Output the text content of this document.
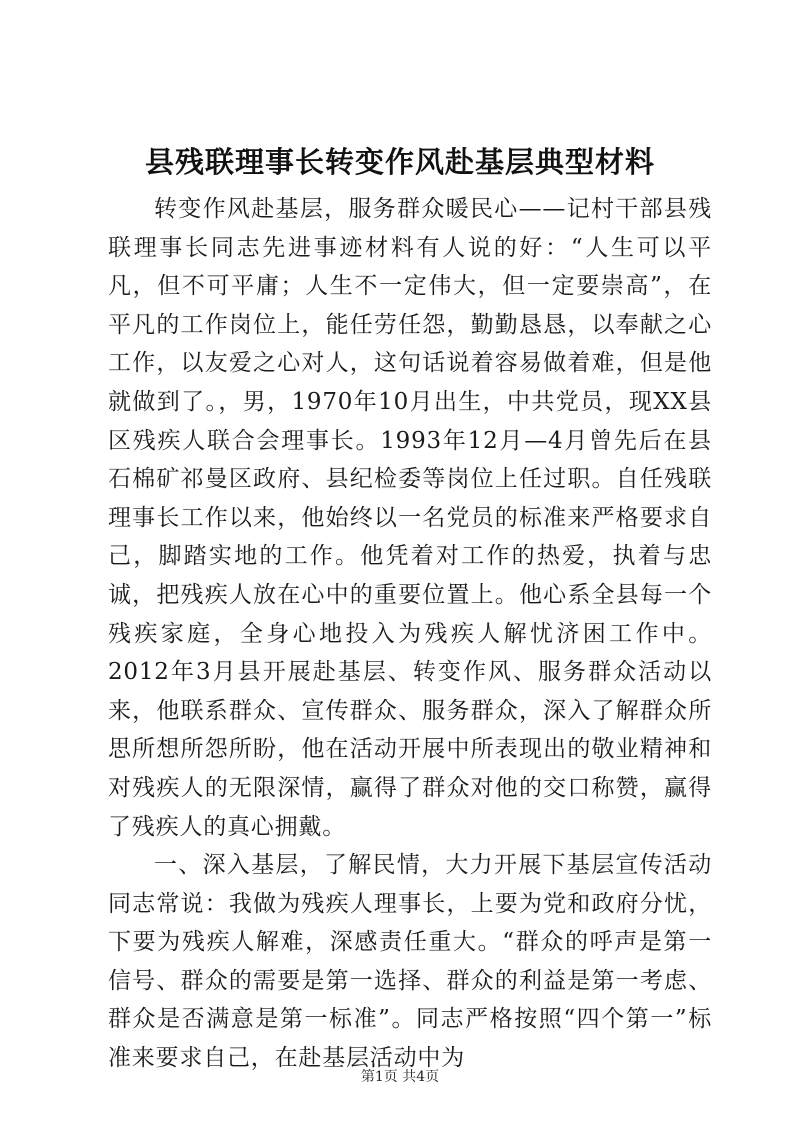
县残联理事长转变作风赴基层典型材料

转变作风赴基层，服务群众暖民心——记村干部县残联理事长同志先进事迹材料有人说的好：“人生可以平凡，但不可平庸；人生不一定伟大，但一定要崇高”，在平凡的工作岗位上，能任劳任怨，勤勤恳恳，以奉献之心工作，以友爱之心对人，这句话说着容易做着难，但是他就做到了。，男，1970年10月出生，中共党员，现XX县区残疾人联合会理事长。1993年12月—4月曾先后在县石棉矿祁曼区政府、县纪检委等岗位上任过职。自任残联理事长工作以来，他始终以一名党员的标准来严格要求自己，脚踏实地的工作。他凭着对工作的热爱，执着与忠诚，把残疾人放在心中的重要位置上。他心系全县每一个残疾家庭，全身心地投入为残疾人解忧济困工作中。2012年3月县开展赴基层、转变作风、服务群众活动以来，他联系群众、宣传群众、服务群众，深入了解群众所思所想所怨所盼，他在活动开展中所表现出的敬业精神和对残疾人的无限深情，赢得了群众对他的交口称赞，赢得了残疾人的真心拥戴。

一、深入基层，了解民情，大力开展下基层宣传活动同志常说：我做为残疾人理事长，上要为党和政府分忧，下要为残疾人解难，深感责任重大。“群众的呼声是第一信号、群众的需要是第一选择、群众的利益是第一考虑、群众是否满意是第一标准”。同志严格按照“四个第一”标准来要求自己，在赴基层活动中为

第1页 共4页
